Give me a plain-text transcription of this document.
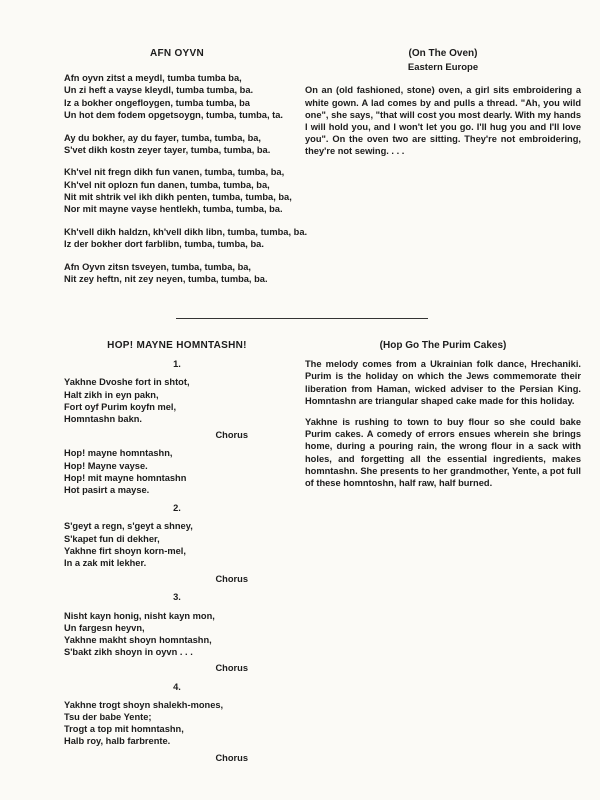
AFN OYVN
Afn oyvn zitst a meydl, tumba tumba ba,
Un zi heft a vayse kleydl, tumba tumba, ba.
Iz a bokher ongefloygen, tumba tumba, ba
Un hot dem fodem opgetsoygn, tumba, tumba, ta.
Ay du bokher, ay du fayer, tumba, tumba, ba,
S'vet dikh kostn zeyer tayer, tumba, tumba, ba.
Kh'vel nit fregn dikh fun vanen, tumba, tumba, ba,
Kh'vel nit oplozn fun danen, tumba, tumba, ba,
Nit mit shtrik vel ikh dikh penten, tumba, tumba, ba,
Nor mit mayne vayse hentlekh, tumba, tumba, ba.
Kh'vell dikh haldzn, kh'vell dikh libn, tumba, tumba, ba.
Iz der bokher dort farblibn, tumba, tumba, ba.
Afn Oyvn zitsn tsveyen, tumba, tumba, ba,
Nit zey heftn, nit zey neyen, tumba, tumba, ba.
(On The Oven)
Eastern Europe
On an (old fashioned, stone) oven, a girl sits embroidering a white gown. A lad comes by and pulls a thread. "Ah, you wild one", she says, "that will cost you most dearly. With my hands I will hold you, and I won't let you go. I'll hug you and I'll love you". On the oven two are sitting. They're not embroidering, they're not sewing. . . .
HOP! MAYNE HOMNTASHN!
1.
Yakhne Dvoshe fort in shtot,
Halt zikh in eyn pakn,
Fort oyf Purim koyfn mel,
Homntashn bakn.
Chorus
Hop! mayne homntashn,
Hop! Mayne vayse.
Hop! mit mayne homntashn
Hot pasirt a mayse.
2.
S'geyt a regn, s'geyt a shney,
S'kapet fun di dekher,
Yakhne firt shoyn korn-mel,
In a zak mit lekher.
Chorus
3.
Nisht kayn honig, nisht kayn mon,
Un fargesn heyvn,
Yakhne makht shoyn homntashn,
S'bakt zikh shoyn in oyvn . . .
Chorus
4.
Yakhne trogt shoyn shalekh-mones,
Tsu der babe Yente;
Trogt a top mit homntashn,
Halb roy, halb farbrente.
Chorus
(Hop Go The Purim Cakes)
The melody comes from a Ukrainian folk dance, Hrechaniki. Purim is the holiday on which the Jews commemorate their liberation from Haman, wicked adviser to the Persian King. Homntashn are triangular shaped cake made for this holiday.
Yakhne is rushing to town to buy flour so she could bake Purim cakes. A comedy of errors ensues wherein she brings home, during a pouring rain, the wrong flour in a sack with holes, and forgetting all the essential ingredients, makes homntashn. She presents to her grandmother, Yente, a pot full of these homntoshn, half raw, half burned.
